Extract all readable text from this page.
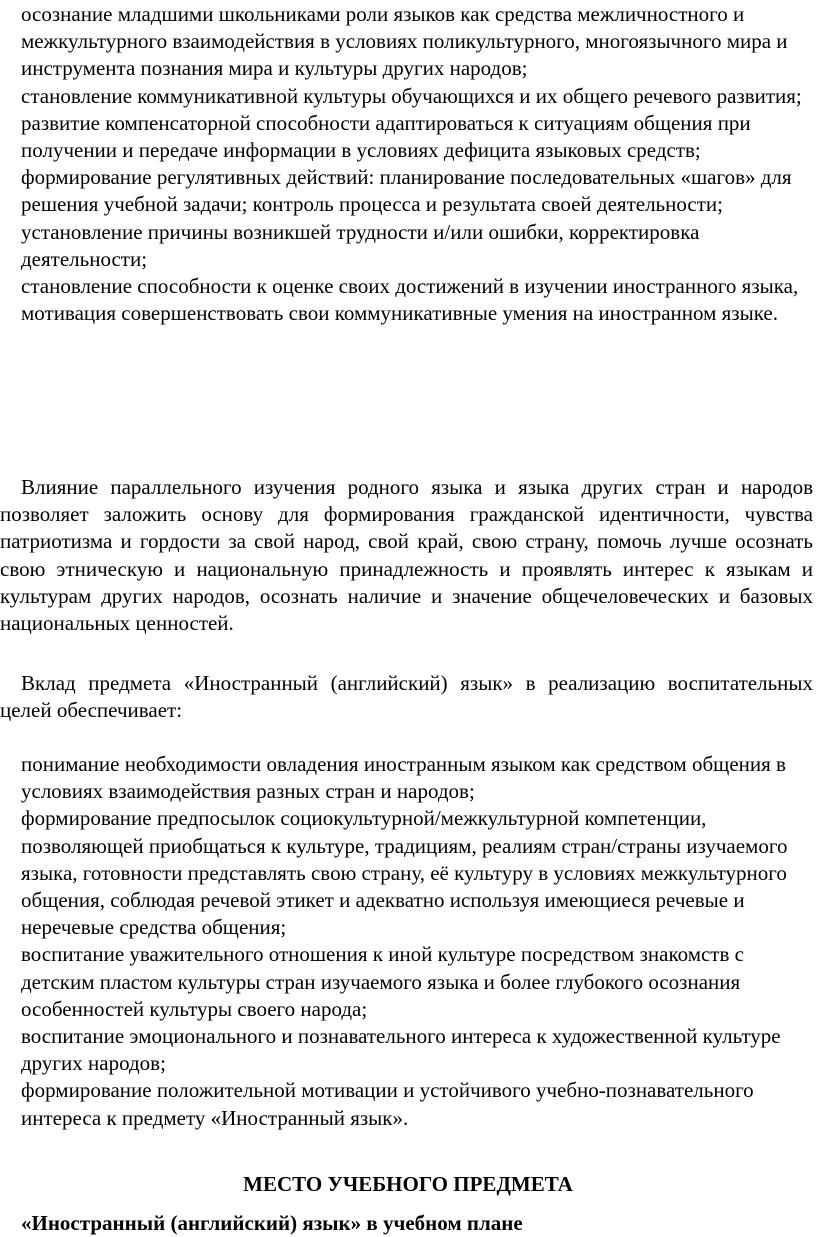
осознание младшими школьниками роли языков как средства межличностного и межкультурного взаимодействия в условиях поликультурного, многоязычного мира и инструмента познания мира и культуры других народов;

становление коммуникативной культуры обучающихся и их общего речевого развития;

развитие компенсаторной способности адаптироваться к ситуациям общения при получении и передаче информации в условиях дефицита языковых средств;

формирование регулятивных действий: планирование последовательных «шагов» для решения учебной задачи; контроль процесса и результата своей деятельности; установление причины возникшей трудности и/или ошибки, корректировка деятельности;

становление способности к оценке своих достижений в изучении иностранного языка, мотивация совершенствовать свои коммуникативные умения на иностранном языке.

Влияние параллельного изучения родного языка и языка других стран и народов позволяет заложить основу для формирования гражданской идентичности, чувства патриотизма и гордости за свой народ, свой край, свою страну, помочь лучше осознать свою этническую и национальную принадлежность и проявлять интерес к языкам и культурам других народов, осознать наличие и значение общечеловеческих и базовых национальных ценностей.

Вклад предмета «Иностранный (английский) язык» в реализацию воспитательных целей обеспечивает:

понимание необходимости овладения иностранным языком как средством общения в условиях взаимодействия разных стран и народов;

формирование предпосылок социокультурной/межкультурной компетенции, позволяющей приобщаться к культуре, традициям, реалиям стран/страны изучаемого языка, готовности представлять свою страну, её культуру в условиях межкультурного общения, соблюдая речевой этикет и адекватно используя имеющиеся речевые и неречевые средства общения;

воспитание уважительного отношения к иной культуре посредством знакомств с детским пластом культуры стран изучаемого языка и более глубокого осознания особенностей культуры своего народа;

воспитание эмоционального и познавательного интереса к художественной культуре других народов;

формирование положительной мотивации и устойчивого учебно-познавательного интереса к предмету «Иностранный язык».

МЕСТО УЧЕБНОГО ПРЕДМЕТА
«Иностранный (английский) язык» в учебном плане
